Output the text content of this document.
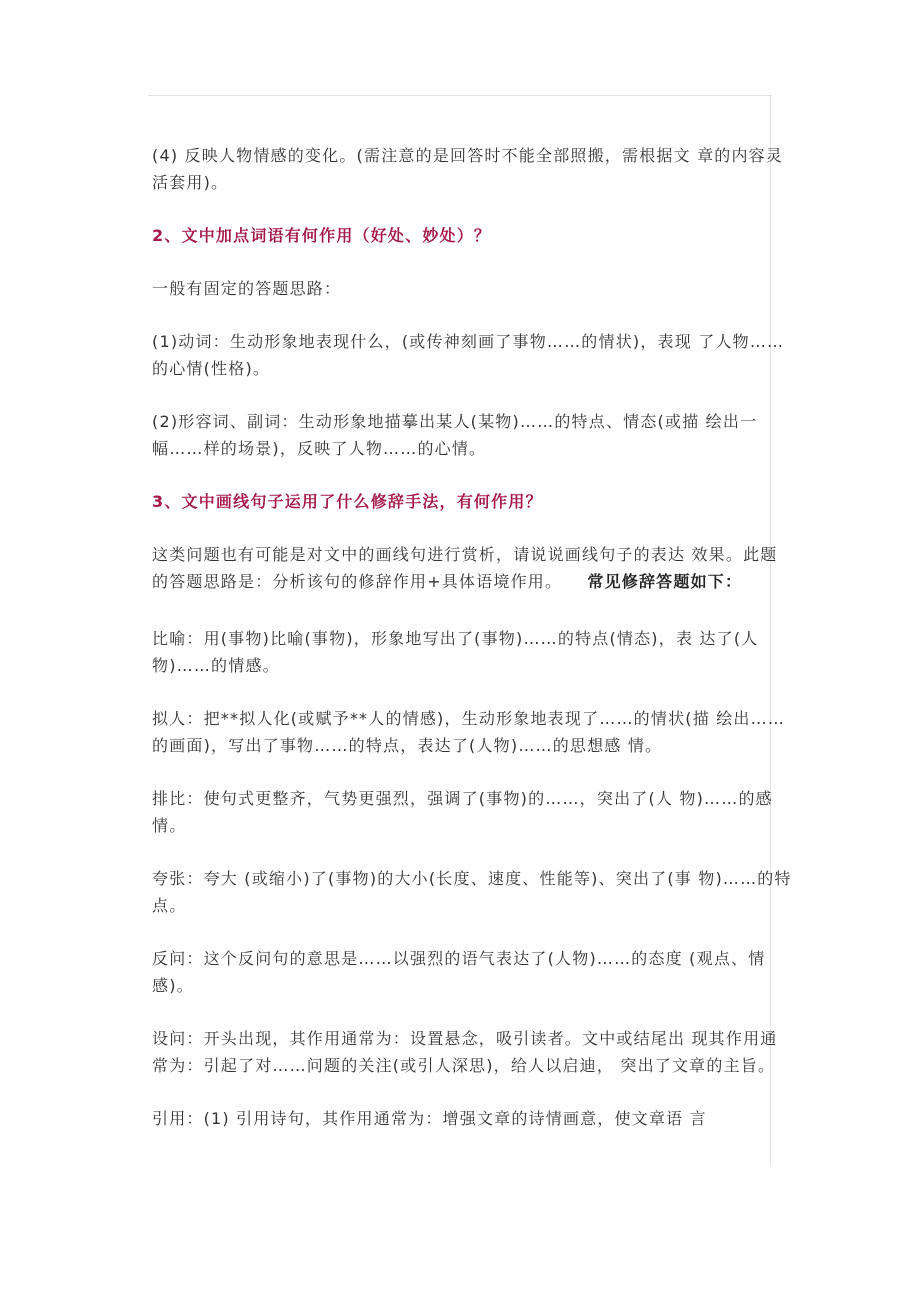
(4) 反映人物情感的变化。(需注意的是回答时不能全部照搬，需根据文 章的内容灵活套用)。

2、文中加点词语有何作用（好处、妙处）？

一般有固定的答题思路：

(1)动词：生动形象地表现什么，(或传神刻画了事物……的情状)，表现 了人物……的心情(性格)。

(2)形容词、副词：生动形象地描摹出某人(某物)……的特点、情态(或描 绘出一幅……样的场景)，反映了人物……的心情。

3、文中画线句子运用了什么修辞手法，有何作用？

这类问题也有可能是对文中的画线句进行赏析，请说说画线句子的表达 效果。此题的答题思路是：分析该句的修辞作用+具体语境作用。 常见修辞答题如下：

比喻：用(事物)比喻(事物)，形象地写出了(事物)……的特点(情态)，表 达了(人物)……的情感。

拟人：把**拟人化(或赋予**人的情感)，生动形象地表现了……的情状(描 绘出……的画面)，写出了事物……的特点，表达了(人物)……的思想感 情。

排比：使句式更整齐，气势更强烈，强调了(事物)的……，突出了(人 物)……的感情。

夸张：夸大 (或缩小)了(事物)的大小(长度、速度、性能等)、突出了(事 物)……的特点。

反问：这个反问句的意思是……以强烈的语气表达了(人物)……的态度 (观点、情感)。

设问：开头出现，其作用通常为：设置悬念，吸引读者。文中或结尾出 现其作用通常为：引起了对……问题的关注(或引人深思)，给人以启迪， 突出了文章的主旨。

引用：(1) 引用诗句，其作用通常为：增强文章的诗情画意，使文章语 言
